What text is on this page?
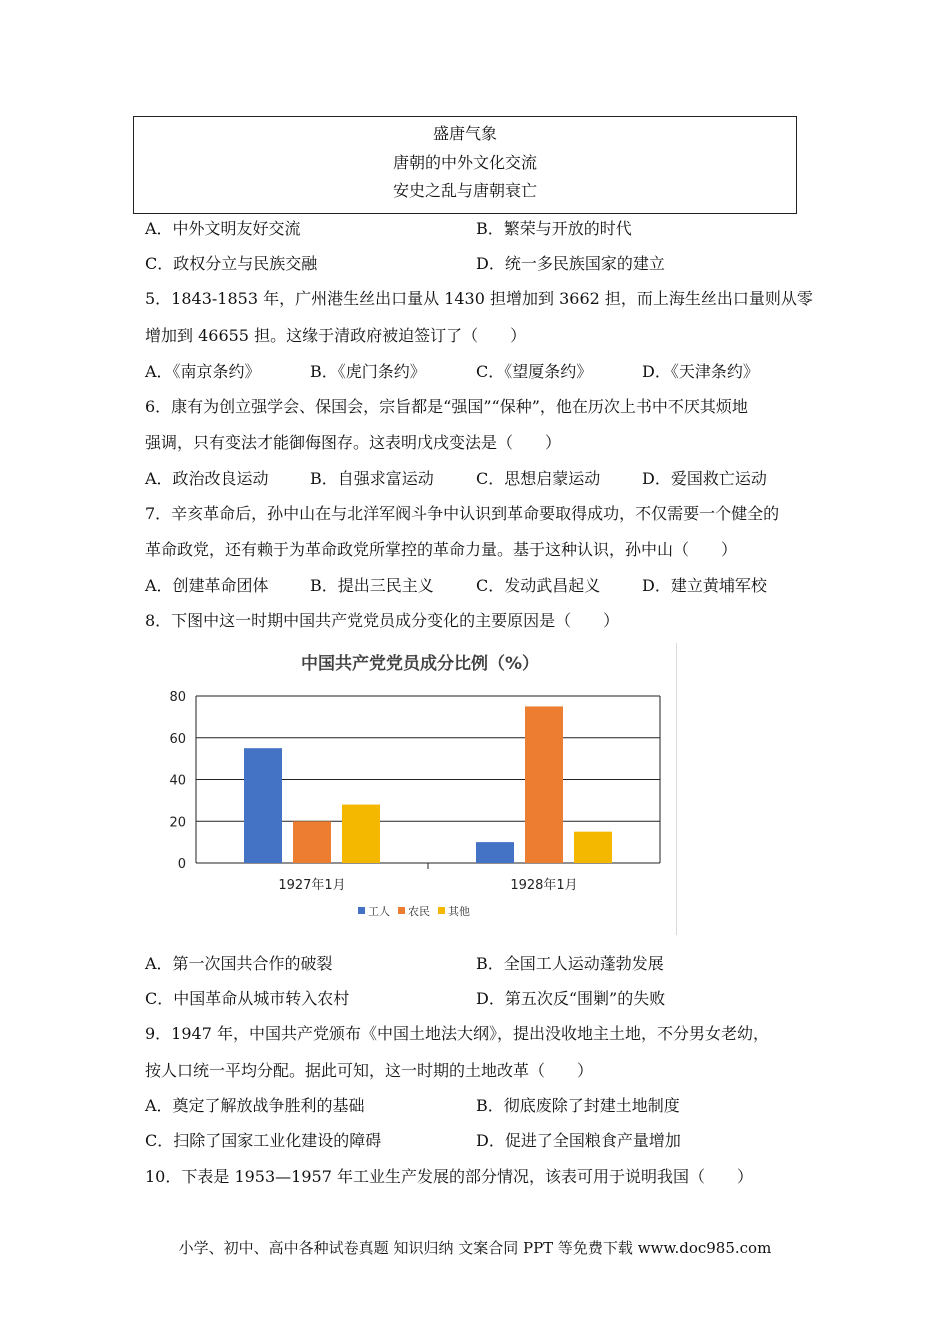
盛唐气象
唐朝的中外文化交流
安史之乱与唐朝衰亡
A．中外文明友好交流	B．繁荣与开放的时代
C．政权分立与民族交融	D．统一多民族国家的建立
5．1843-1853 年，广州港生丝出口量从 1430 担增加到 3662 担，而上海生丝出口量则从零
增加到 46655 担。这缘于清政府被迫签订了（　　）
A．《南京条约》	B．《虎门条约》	C．《望厦条约》	D．《天津条约》
6．康有为创立强学会、保国会，宗旨都是“强国”“保种”，他在历次上书中不厌其烦地
强调，只有变法才能御侮图存。这表明戊戌变法是（　　）
A．政治改良运动	B．自强求富运动	C．思想启蒙运动	D．爱国救亡运动
7．辛亥革命后，孙中山在与北洋军阀斗争中认识到革命要取得成功，不仅需要一个健全的
革命政党，还有赖于为革命政党所掌控的革命力量。基于这种认识，孙中山（　　）
A．创建革命团体	B．提出三民主义	C．发动武昌起义	D．建立黄埔军校
8．下图中这一时期中国共产党党员成分变化的主要原因是（　　）
中国共产党党员成分比例（%）
0
20
40
60
80
1927年1月	1928年1月
工人 农民 其他
A．第一次国共合作的破裂	B．全国工人运动蓬勃发展
C．中国革命从城市转入农村	D．第五次反“围剿”的失败
9．1947 年，中国共产党颁布《中国土地法大纲》，提出没收地主土地，不分男女老幼，
按人口统一平均分配。据此可知，这一时期的土地改革（　　）
A．奠定了解放战争胜利的基础	B．彻底废除了封建土地制度
C．扫除了国家工业化建设的障碍	D．促进了全国粮食产量增加
10．下表是 1953—1957 年工业生产发展的部分情况，该表可用于说明我国（　　）
小学、初中、高中各种试卷真题 知识归纳 文案合同 PPT 等免费下载 www.doc985.com
